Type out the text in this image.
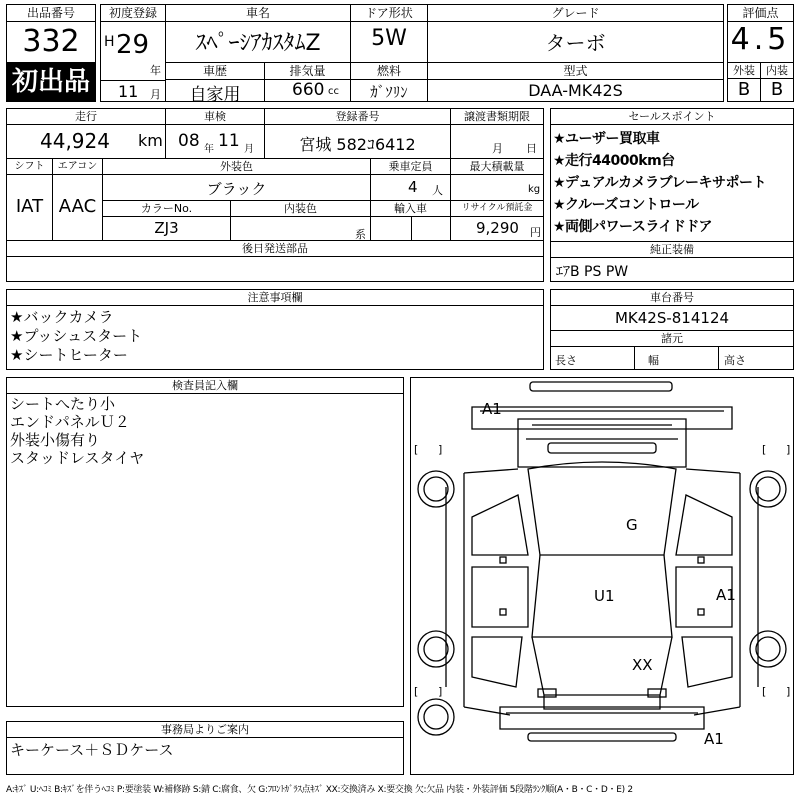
出品番号
332
初出品
初度登録
H 29
年
11 月
車名
ｽﾍﾟｰｼｱｶｽﾀﾑZ
ドア形状
5W
グレード
ターボ
車歴
自家用
排気量
660 cc
燃料
ｶﾞｿﾘﾝ
型式
DAA-MK42S
評価点
4.5
外装	内装
B	B
走行
44,924 km
車検
08 年 11 月
登録番号
宮城 582ｺ6412
譲渡書類期限
月 日
シフト
IAT
エアコン
AAC
外装色
ブラック
乗車定員
4 人
最大積載量
kg
カラーNo.
ZJ3
内装色
系
輸入車	リサイクル預託金
9,290 円
後日発送部品
セールスポイント
★ユーザー買取車
★走行44000km台
★デュアルカメラブレーキサポート
★クルーズコントロール
★両側パワースライドドア
純正装備
ｴｱB PS PW
注意事項欄
★バックカメラ
★プッシュスタート
★シートヒーター
車台番号
MK42S-814124
諸元
長さ	幅	高さ
検査員記入欄
シートへたり小
エンドパネルＵ２
外装小傷有り
スタッドレスタイヤ
事務局よりご案内
キーケース＋ＳＤケース
[ ]	[ ]
[ ]	[ ]
A1
G
U1	A1
XX
A1
A:ｷｽﾞ U:ﾍｺﾐ B:ｷｽﾞを伴うﾍｺﾐ P:要塗装 W:補修跡 S:錆 C:腐食、欠 G:ﾌﾛﾝﾄｶﾞﾗｽ点ｷｽﾞ XX:交換済み X:要交換 欠:欠品 内装・外装評価 5段階ﾗﾝｸ順(A・B・C・D・E) 2
